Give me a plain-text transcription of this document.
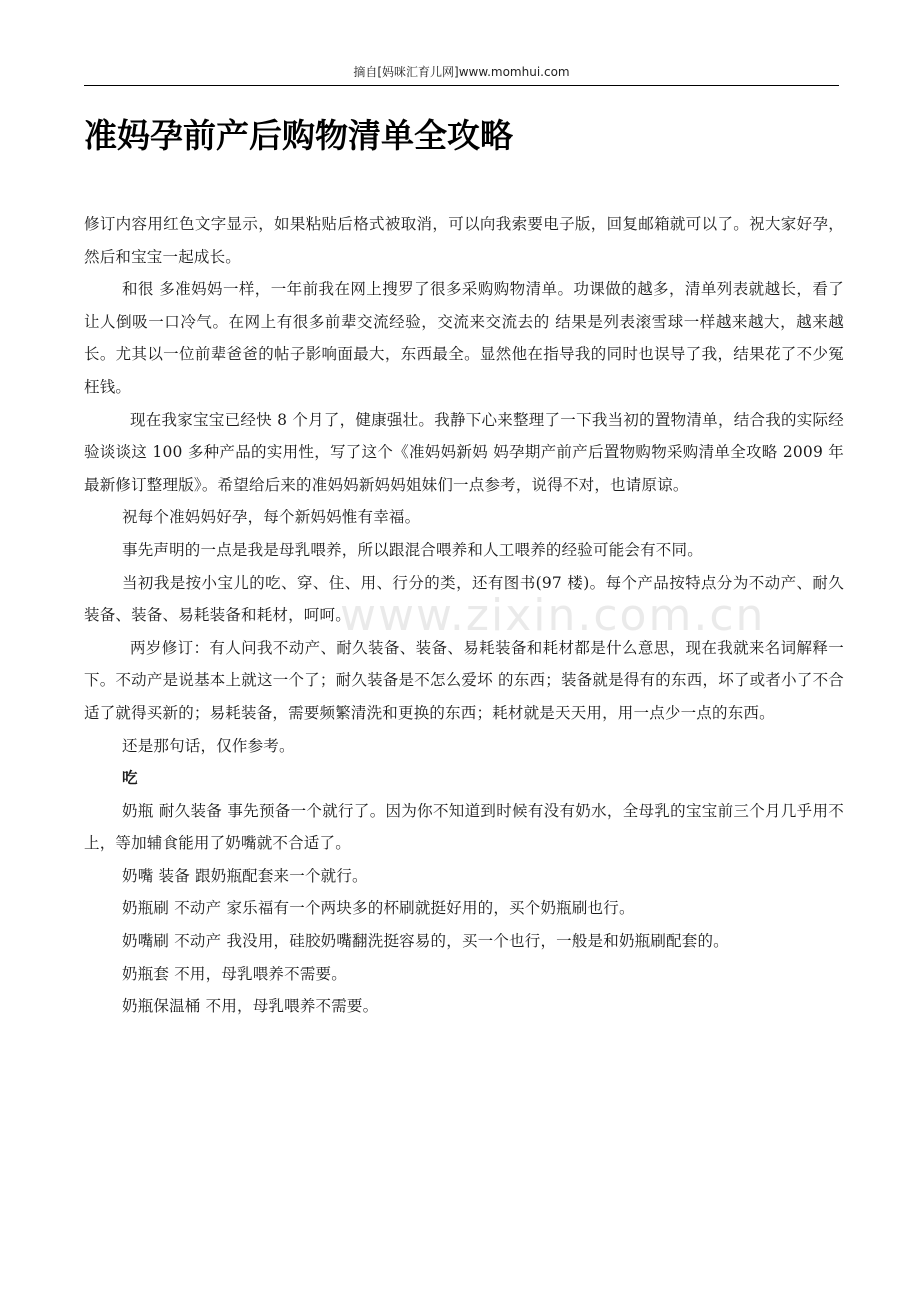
摘自[妈咪汇育儿网]www.momhui.com
准妈孕前产后购物清单全攻略

修订内容用红色文字显示，如果粘贴后格式被取消，可以向我索要电子版，回复邮箱就可以了。祝大家好孕，然后和宝宝一起成长。

和很 多准妈妈一样，一年前我在网上搜罗了很多采购购物清单。功课做的越多，清单列表就越长，看了让人倒吸一口冷气。在网上有很多前辈交流经验，交流来交流去的 结果是列表滚雪球一样越来越大，越来越长。尤其以一位前辈爸爸的帖子影响面最大，东西最全。显然他在指导我的同时也误导了我，结果花了不少冤枉钱。

现在我家宝宝已经快 8 个月了，健康强壮。我静下心来整理了一下我当初的置物清单，结合我的实际经验谈谈这 100 多种产品的实用性，写了这个《准妈妈新妈 妈孕期产前产后置物购物采购清单全攻略 2009 年最新修订整理版》。希望给后来的准妈妈新妈妈姐妹们一点参考，说得不对，也请原谅。

祝每个准妈妈好孕，每个新妈妈惟有幸福。

事先声明的一点是我是母乳喂养，所以跟混合喂养和人工喂养的经验可能会有不同。

当初我是按小宝儿的吃、穿、住、用、行分的类，还有图书(97 楼)。每个产品按特点分为不动产、耐久装备、装备、易耗装备和耗材，呵呵。

两岁修订：有人问我不动产、耐久装备、装备、易耗装备和耗材都是什么意思，现在我就来名词解释一下。不动产是说基本上就这一个了；耐久装备是不怎么爱坏 的东西；装备就是得有的东西，坏了或者小了不合适了就得买新的；易耗装备，需要频繁清洗和更换的东西；耗材就是天天用，用一点少一点的东西。

还是那句话，仅作参考。

吃

奶瓶 耐久装备 事先预备一个就行了。因为你不知道到时候有没有奶水，全母乳的宝宝前三个月几乎用不上，等加辅食能用了奶嘴就不合适了。

奶嘴 装备 跟奶瓶配套来一个就行。

奶瓶刷 不动产 家乐福有一个两块多的杯刷就挺好用的，买个奶瓶刷也行。

奶嘴刷 不动产 我没用，硅胶奶嘴翻洗挺容易的，买一个也行，一般是和奶瓶刷配套的。

奶瓶套 不用，母乳喂养不需要。

奶瓶保温桶 不用，母乳喂养不需要。

www.zixin.com.cn
